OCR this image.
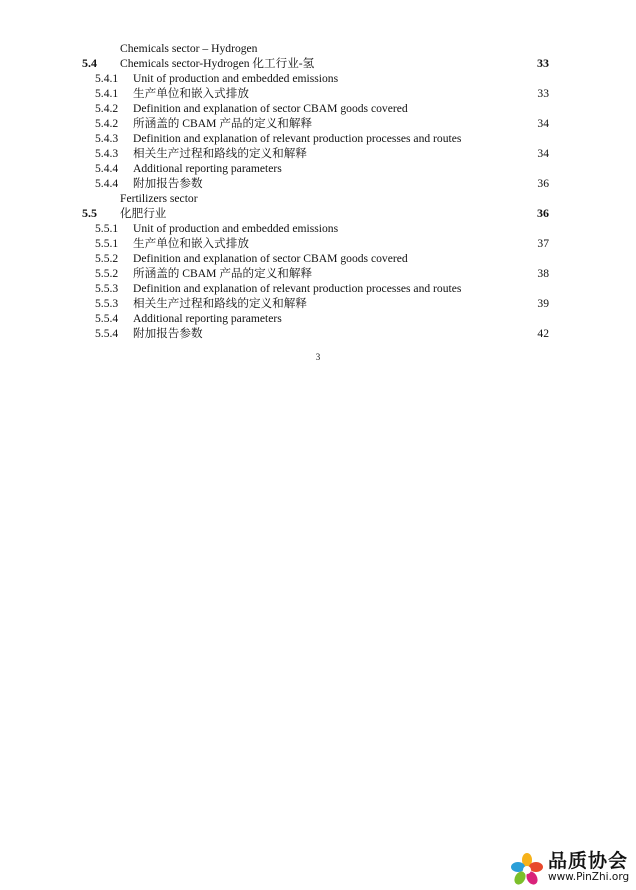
Chemicals sector – Hydrogen
5.4 Chemicals sector-Hydrogen 化工行业-氢	33
5.4.1 Unit of production and embedded emissions
5.4.1 生产单位和嵌入式排放	33
5.4.2 Definition and explanation of sector CBAM goods covered
5.4.2 所涵盖的 CBAM 产品的定义和解释	34
5.4.3 Definition and explanation of relevant production processes and routes
5.4.3 相关生产过程和路线的定义和解释	34
5.4.4 Additional reporting parameters
5.4.4 附加报告参数	36
Fertilizers sector
5.5 化肥行业	36
5.5.1 Unit of production and embedded emissions
5.5.1 生产单位和嵌入式排放	37
5.5.2 Definition and explanation of sector CBAM goods covered
5.5.2 所涵盖的 CBAM 产品的定义和解释	38
5.5.3 Definition and explanation of relevant production processes and routes
5.5.3 相关生产过程和路线的定义和解释	39
5.5.4 Additional reporting parameters
5.5.4 附加报告参数	42
3
品质协会
www.PinZhi.org
